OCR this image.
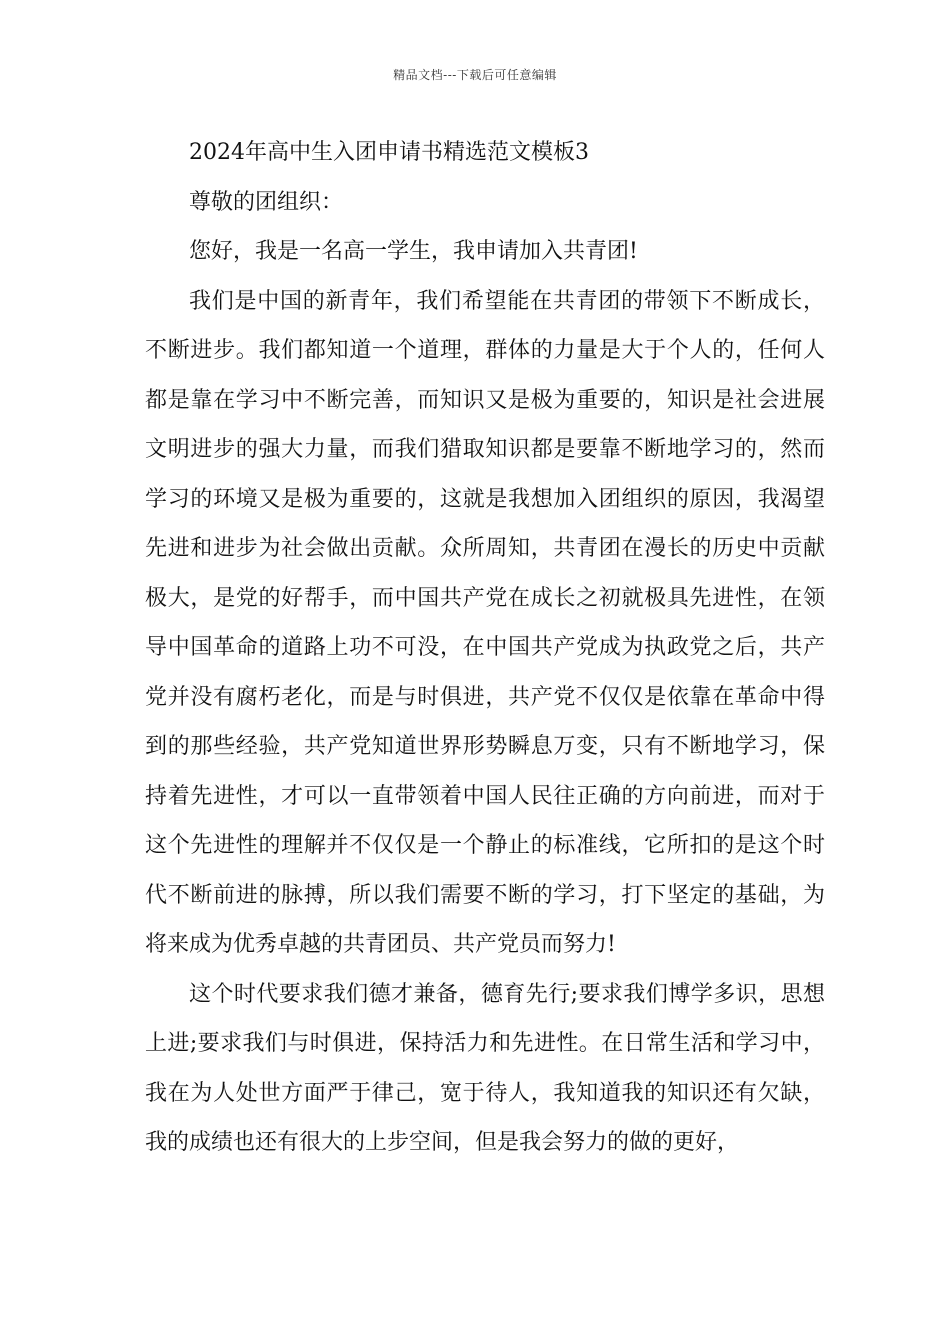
精品文档---下载后可任意编辑

2024年高中生入团申请书精选范文模板3

尊敬的团组织：

您好，我是一名高一学生，我申请加入共青团!

我们是中国的新青年，我们希望能在共青团的带领下不断成长，不断进步。我们都知道一个道理，群体的力量是大于个人的，任何人都是靠在学习中不断完善，而知识又是极为重要的，知识是社会进展文明进步的强大力量，而我们猎取知识都是要靠不断地学习的，然而学习的环境又是极为重要的，这就是我想加入团组织的原因，我渴望先进和进步为社会做出贡献。众所周知，共青团在漫长的历史中贡献极大，是党的好帮手，而中国共产党在成长之初就极具先进性，在领导中国革命的道路上功不可没，在中国共产党成为执政党之后，共产党并没有腐朽老化，而是与时俱进，共产党不仅仅是依靠在革命中得到的那些经验，共产党知道世界形势瞬息万变，只有不断地学习，保持着先进性，才可以一直带领着中国人民往正确的方向前进，而对于这个先进性的理解并不仅仅是一个静止的标准线，它所扣的是这个时代不断前进的脉搏，所以我们需要不断的学习，打下坚定的基础，为将来成为优秀卓越的共青团员、共产党员而努力!

这个时代要求我们德才兼备，德育先行;要求我们博学多识，思想上进;要求我们与时俱进，保持活力和先进性。在日常生活和学习中，我在为人处世方面严于律己，宽于待人，我知道我的知识还有欠缺，我的成绩也还有很大的上步空间，但是我会努力的做的更好，
